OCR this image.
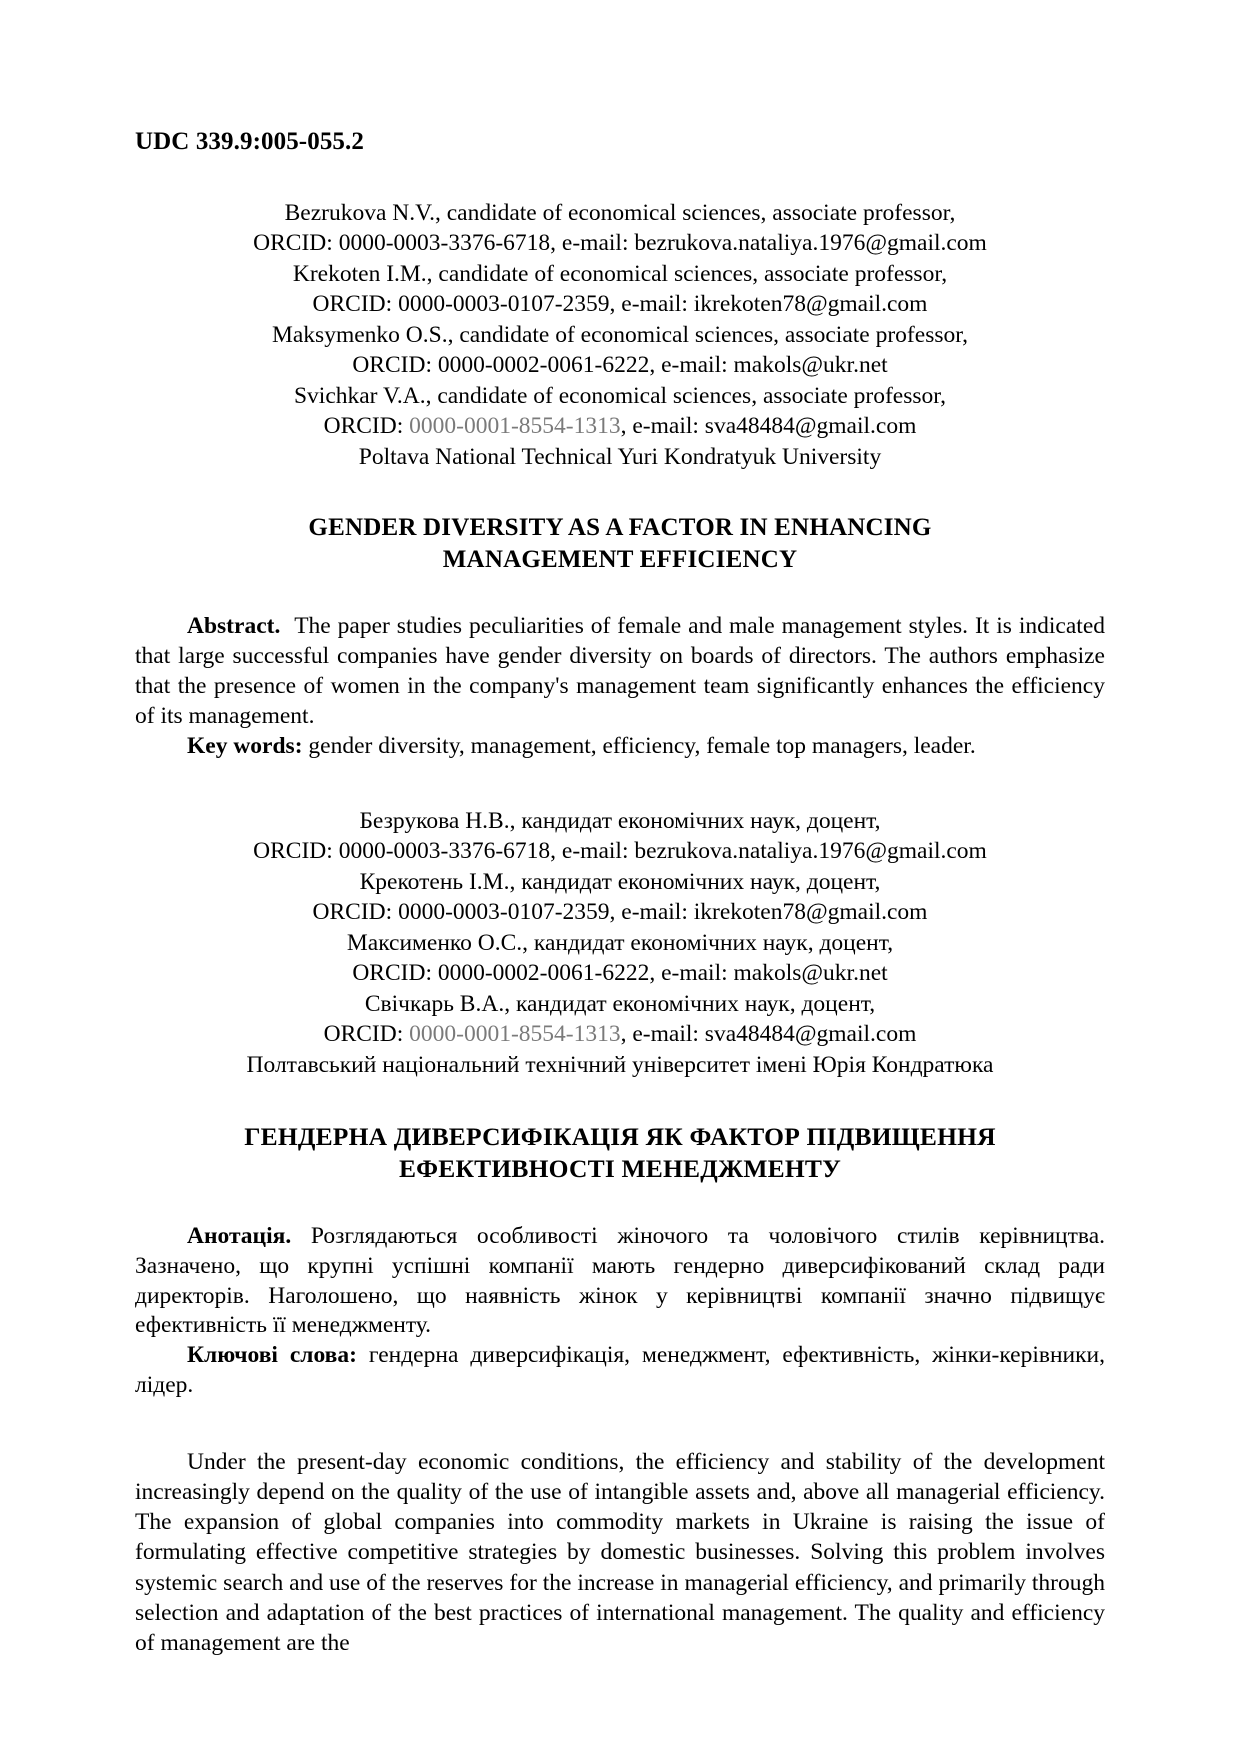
UDC 339.9:005-055.2
Bezrukova N.V., candidate of economical sciences, associate professor,
ORCID: 0000-0003-3376-6718, e-mail: bezrukova.nataliya.1976@gmail.com
Krekoten I.M., candidate of economical sciences, associate professor,
ORCID: 0000-0003-0107-2359, e-mail: ikrekoten78@gmail.com
Maksymenko O.S., candidate of economical sciences, associate professor,
ORCID: 0000-0002-0061-6222, e-mail: makols@ukr.net
Svichkar V.A., candidate of economical sciences, associate professor,
ORCID: 0000-0001-8554-1313, e-mail: sva48484@gmail.com
Poltava National Technical Yuri Kondratyuk University
GENDER DIVERSITY AS A FACTOR IN ENHANCING
MANAGEMENT EFFICIENCY

Abstract. The paper studies peculiarities of female and male management styles. It is indicated that large successful companies have gender diversity on boards of directors. The authors emphasize that the presence of women in the company's management team significantly enhances the efficiency of its management.

Key words: gender diversity, management, efficiency, female top managers, leader.

Безрукова Н.В., кандидат економічних наук, доцент,
ORCID: 0000-0003-3376-6718, e-mail: bezrukova.nataliya.1976@gmail.com
Крекотень І.М., кандидат економічних наук, доцент,
ORCID: 0000-0003-0107-2359, e-mail: ikrekoten78@gmail.com
Максименко О.С., кандидат економічних наук, доцент,
ORCID: 0000-0002-0061-6222, e-mail: makols@ukr.net
Свічкарь В.А., кандидат економічних наук, доцент,
ORCID: 0000-0001-8554-1313, e-mail: sva48484@gmail.com
Полтавський національний технічний університет імені Юрія Кондратюка
ГЕНДЕРНА ДИВЕРСИФІКАЦІЯ ЯК ФАКТОР ПІДВИЩЕННЯ
ЕФЕКТИВНОСТІ МЕНЕДЖМЕНТУ

Анотація. Розглядаються особливості жіночого та чоловічого стилів керівництва. Зазначено, що крупні успішні компанії мають гендерно диверсифікований склад ради директорів. Наголошено, що наявність жінок у керівництві компанії значно підвищує ефективність її менеджменту.

Ключові слова: гендерна диверсифікація, менеджмент, ефективність, жінки-керівники, лідер.

Under the present-day economic conditions, the efficiency and stability of the development increasingly depend on the quality of the use of intangible assets and, above all managerial efficiency. The expansion of global companies into commodity markets in Ukraine is raising the issue of formulating effective competitive strategies by domestic businesses. Solving this problem involves systemic search and use of the reserves for the increase in managerial efficiency, and primarily through selection and adaptation of the best practices of international management. The quality and efficiency of management are the
